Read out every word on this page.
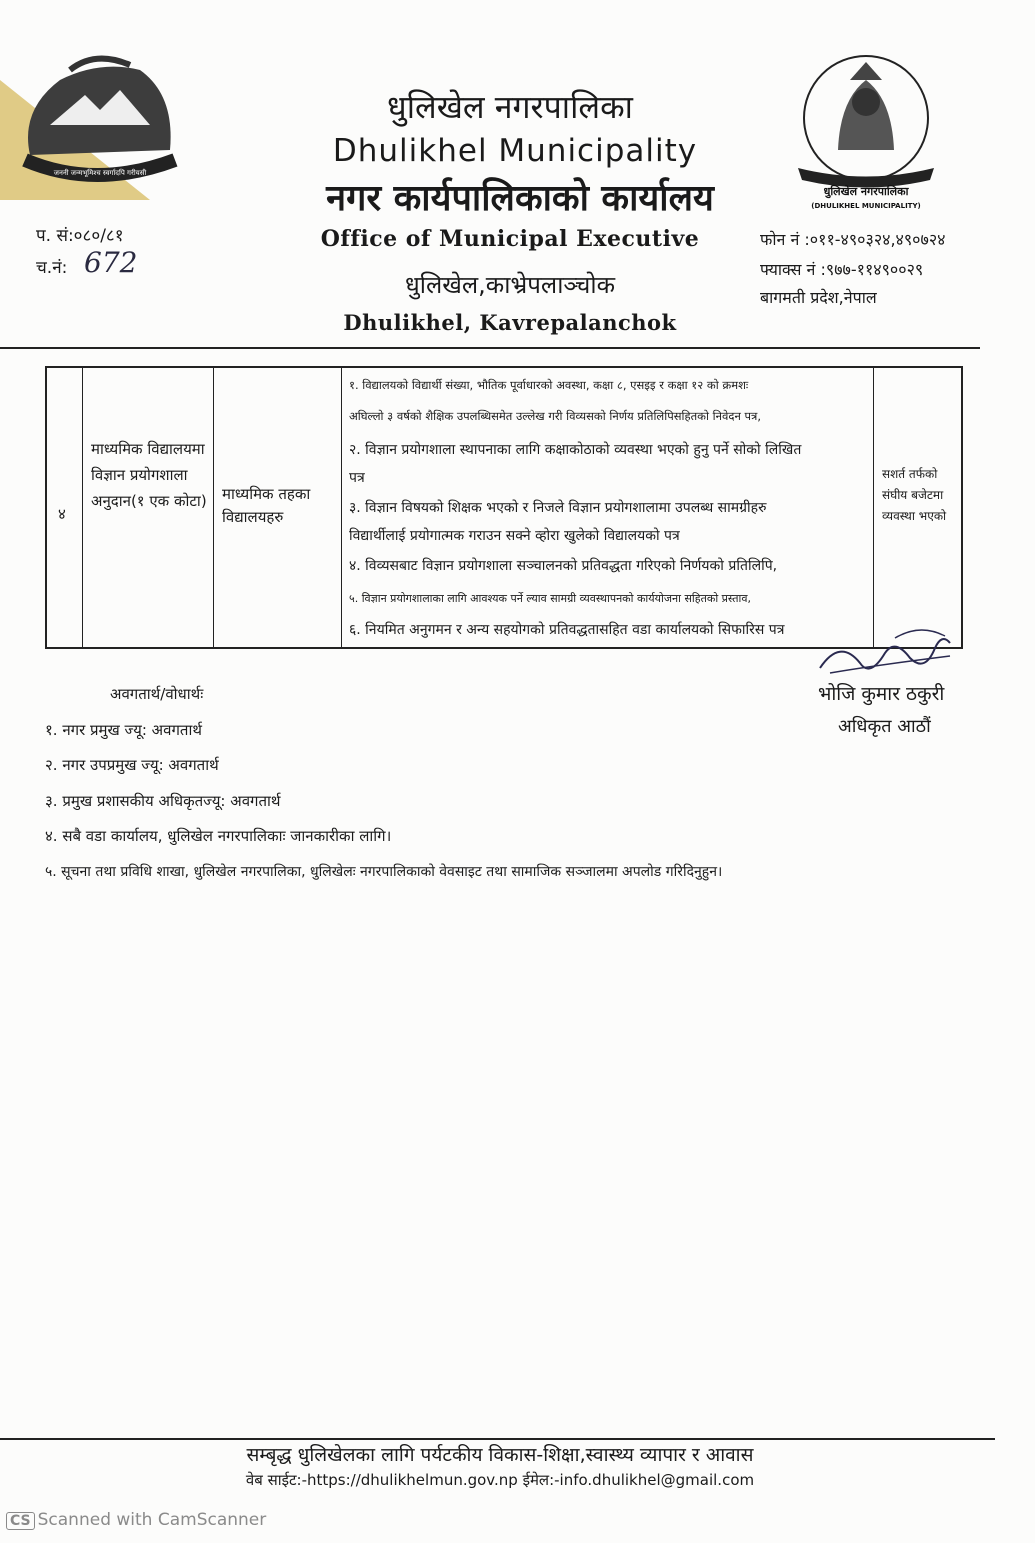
जननी जन्मभूमिश्च स्वर्गादपि गरीयसी
धुलिखेल नगरपालिका
(DHULIKHEL MUNICIPALITY)
धुलिखेल नगरपालिका
Dhulikhel Municipality
नगर कार्यपालिकाको कार्यालय
Office of Municipal Executive
धुलिखेल,काभ्रेपलाञ्चोक
Dhulikhel, Kavrepalanchok
प. सं:०८०/८१
च.नं: 672
फोन नं :०११-४९०३२४,४९०७२४
फ्याक्स नं :९७७-११४९००२९
बागमती प्रदेश,नेपाल
४
माध्यमिक विद्यालयमा विज्ञान प्रयोगशाला अनुदान(१ एक कोटा) माध्यमिक तहका विद्यालयहरु
१. विद्यालयको विद्यार्थी संख्या, भौतिक पूर्वाधारको अवस्था, कक्षा ८, एसइइ र कक्षा १२ को क्रमशः
अघिल्लो ३ वर्षको शैक्षिक उपलब्धिसमेत उल्लेख गरी विव्यसको निर्णय प्रतिलिपिसहितको निवेदन पत्र,
२. विज्ञान प्रयोगशाला स्थापनाका लागि कक्षाकोठाको व्यवस्था भएको हुनु पर्ने सोको लिखित
पत्र
३. विज्ञान विषयको शिक्षक भएको र निजले विज्ञान प्रयोगशालामा उपलब्ध सामग्रीहरु
विद्यार्थीलाई प्रयोगात्मक गराउन सक्ने व्होरा खुलेको विद्यालयको पत्र
४. विव्यसबाट विज्ञान प्रयोगशाला सञ्चालनको प्रतिवद्धता गरिएको निर्णयको प्रतिलिपि,
५. विज्ञान प्रयोगशालाका लागि आवश्यक पर्ने ल्याव सामग्री व्यवस्थापनको कार्ययोजना सहितको प्रस्ताव,
६. नियमित अनुगमन र अन्य सहयोगको प्रतिवद्धतासहित वडा कार्यालयको सिफारिस पत्र
सशर्त तर्फको संघीय बजेटमा व्यवस्था भएको
भोजि कुमार ठकुरी
अधिकृत आठौं
अवगतार्थ/वोधार्थः
१. नगर प्रमुख ज्यू: अवगतार्थ
२. नगर उपप्रमुख ज्यू: अवगतार्थ
३. प्रमुख प्रशासकीय अधिकृतज्यू: अवगतार्थ
४. सबै वडा कार्यालय, धुलिखेल नगरपालिकाः जानकारीका लागि।
५. सूचना तथा प्रविधि शाखा, धुलिखेल नगरपालिका, धुलिखेलः नगरपालिकाको वेवसाइट तथा सामाजिक सञ्जालमा अपलोड गरिदिनुहुन।
सम्बृद्ध धुलिखेलका लागि पर्यटकीय विकास-शिक्षा,स्वास्थ्य व्यापार र आवास
वेब साईट:-https://dhulikhelmun.gov.np ईमेल:-info.dhulikhel@gmail.com
CS Scanned with CamScanner
